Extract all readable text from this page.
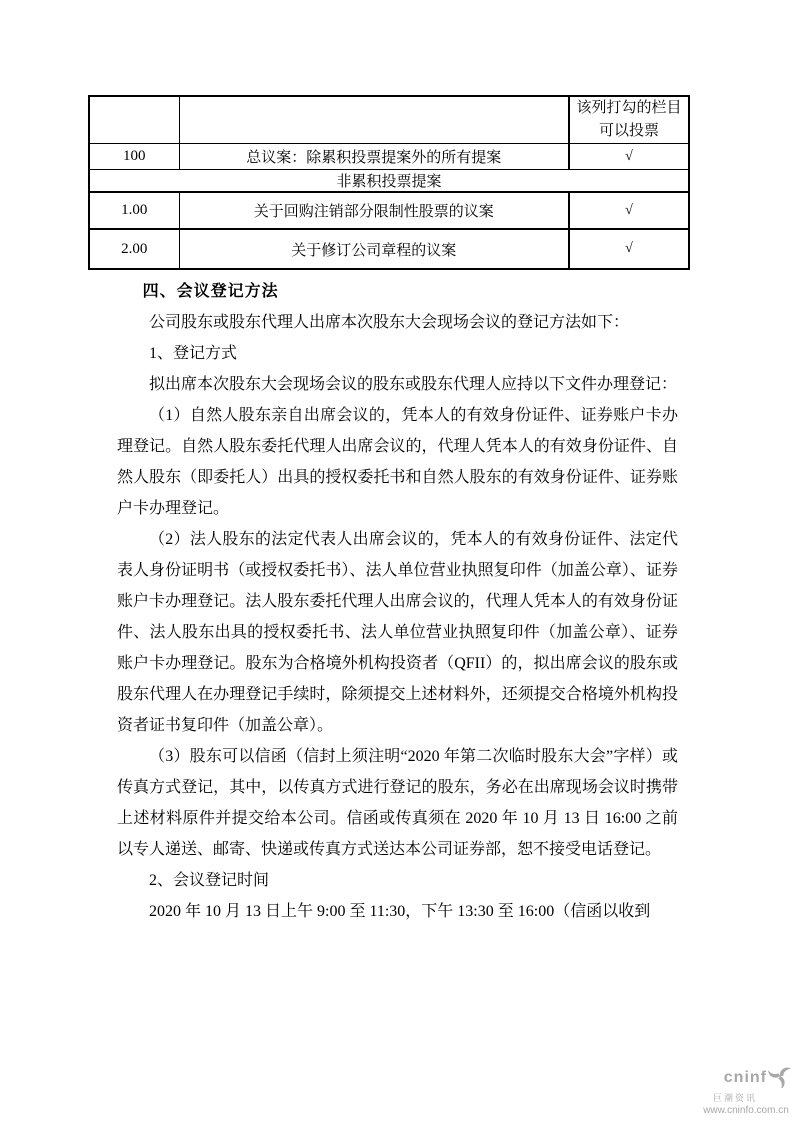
		该列打勾的栏目可以投票
100	总议案：除累积投票提案外的所有提案	√
非累积投票提案		
1.00	关于回购注销部分限制性股票的议案	√
2.00	关于修订公司章程的议案	√
四、会议登记方法

公司股东或股东代理人出席本次股东大会现场会议的登记方法如下：

1、登记方式

拟出席本次股东大会现场会议的股东或股东代理人应持以下文件办理登记：

（1）自然人股东亲自出席会议的，凭本人的有效身份证件、证券账户卡办理登记。自然人股东委托代理人出席会议的，代理人凭本人的有效身份证件、自然人股东（即委托人）出具的授权委托书和自然人股东的有效身份证件、证券账户卡办理登记。

（2）法人股东的法定代表人出席会议的，凭本人的有效身份证件、法定代表人身份证明书（或授权委托书）、法人单位营业执照复印件（加盖公章）、证券账户卡办理登记。法人股东委托代理人出席会议的，代理人凭本人的有效身份证件、法人股东出具的授权委托书、法人单位营业执照复印件（加盖公章）、证券账户卡办理登记。股东为合格境外机构投资者（QFII）的，拟出席会议的股东或股东代理人在办理登记手续时，除须提交上述材料外，还须提交合格境外机构投资者证书复印件（加盖公章）。

（3）股东可以信函（信封上须注明“2020 年第二次临时股东大会”字样）或传真方式登记，其中，以传真方式进行登记的股东，务必在出席现场会议时携带上述材料原件并提交给本公司。信函或传真须在 2020 年 10 月 13 日 16:00 之前以专人递送、邮寄、快递或传真方式送达本公司证券部，恕不接受电话登记。

2、会议登记时间

2020 年 10 月 13 日上午 9:00 至 11:30，下午 13:30 至 16:00（信函以收到

cninf
巨潮资讯
www.cninfo.com.cn
